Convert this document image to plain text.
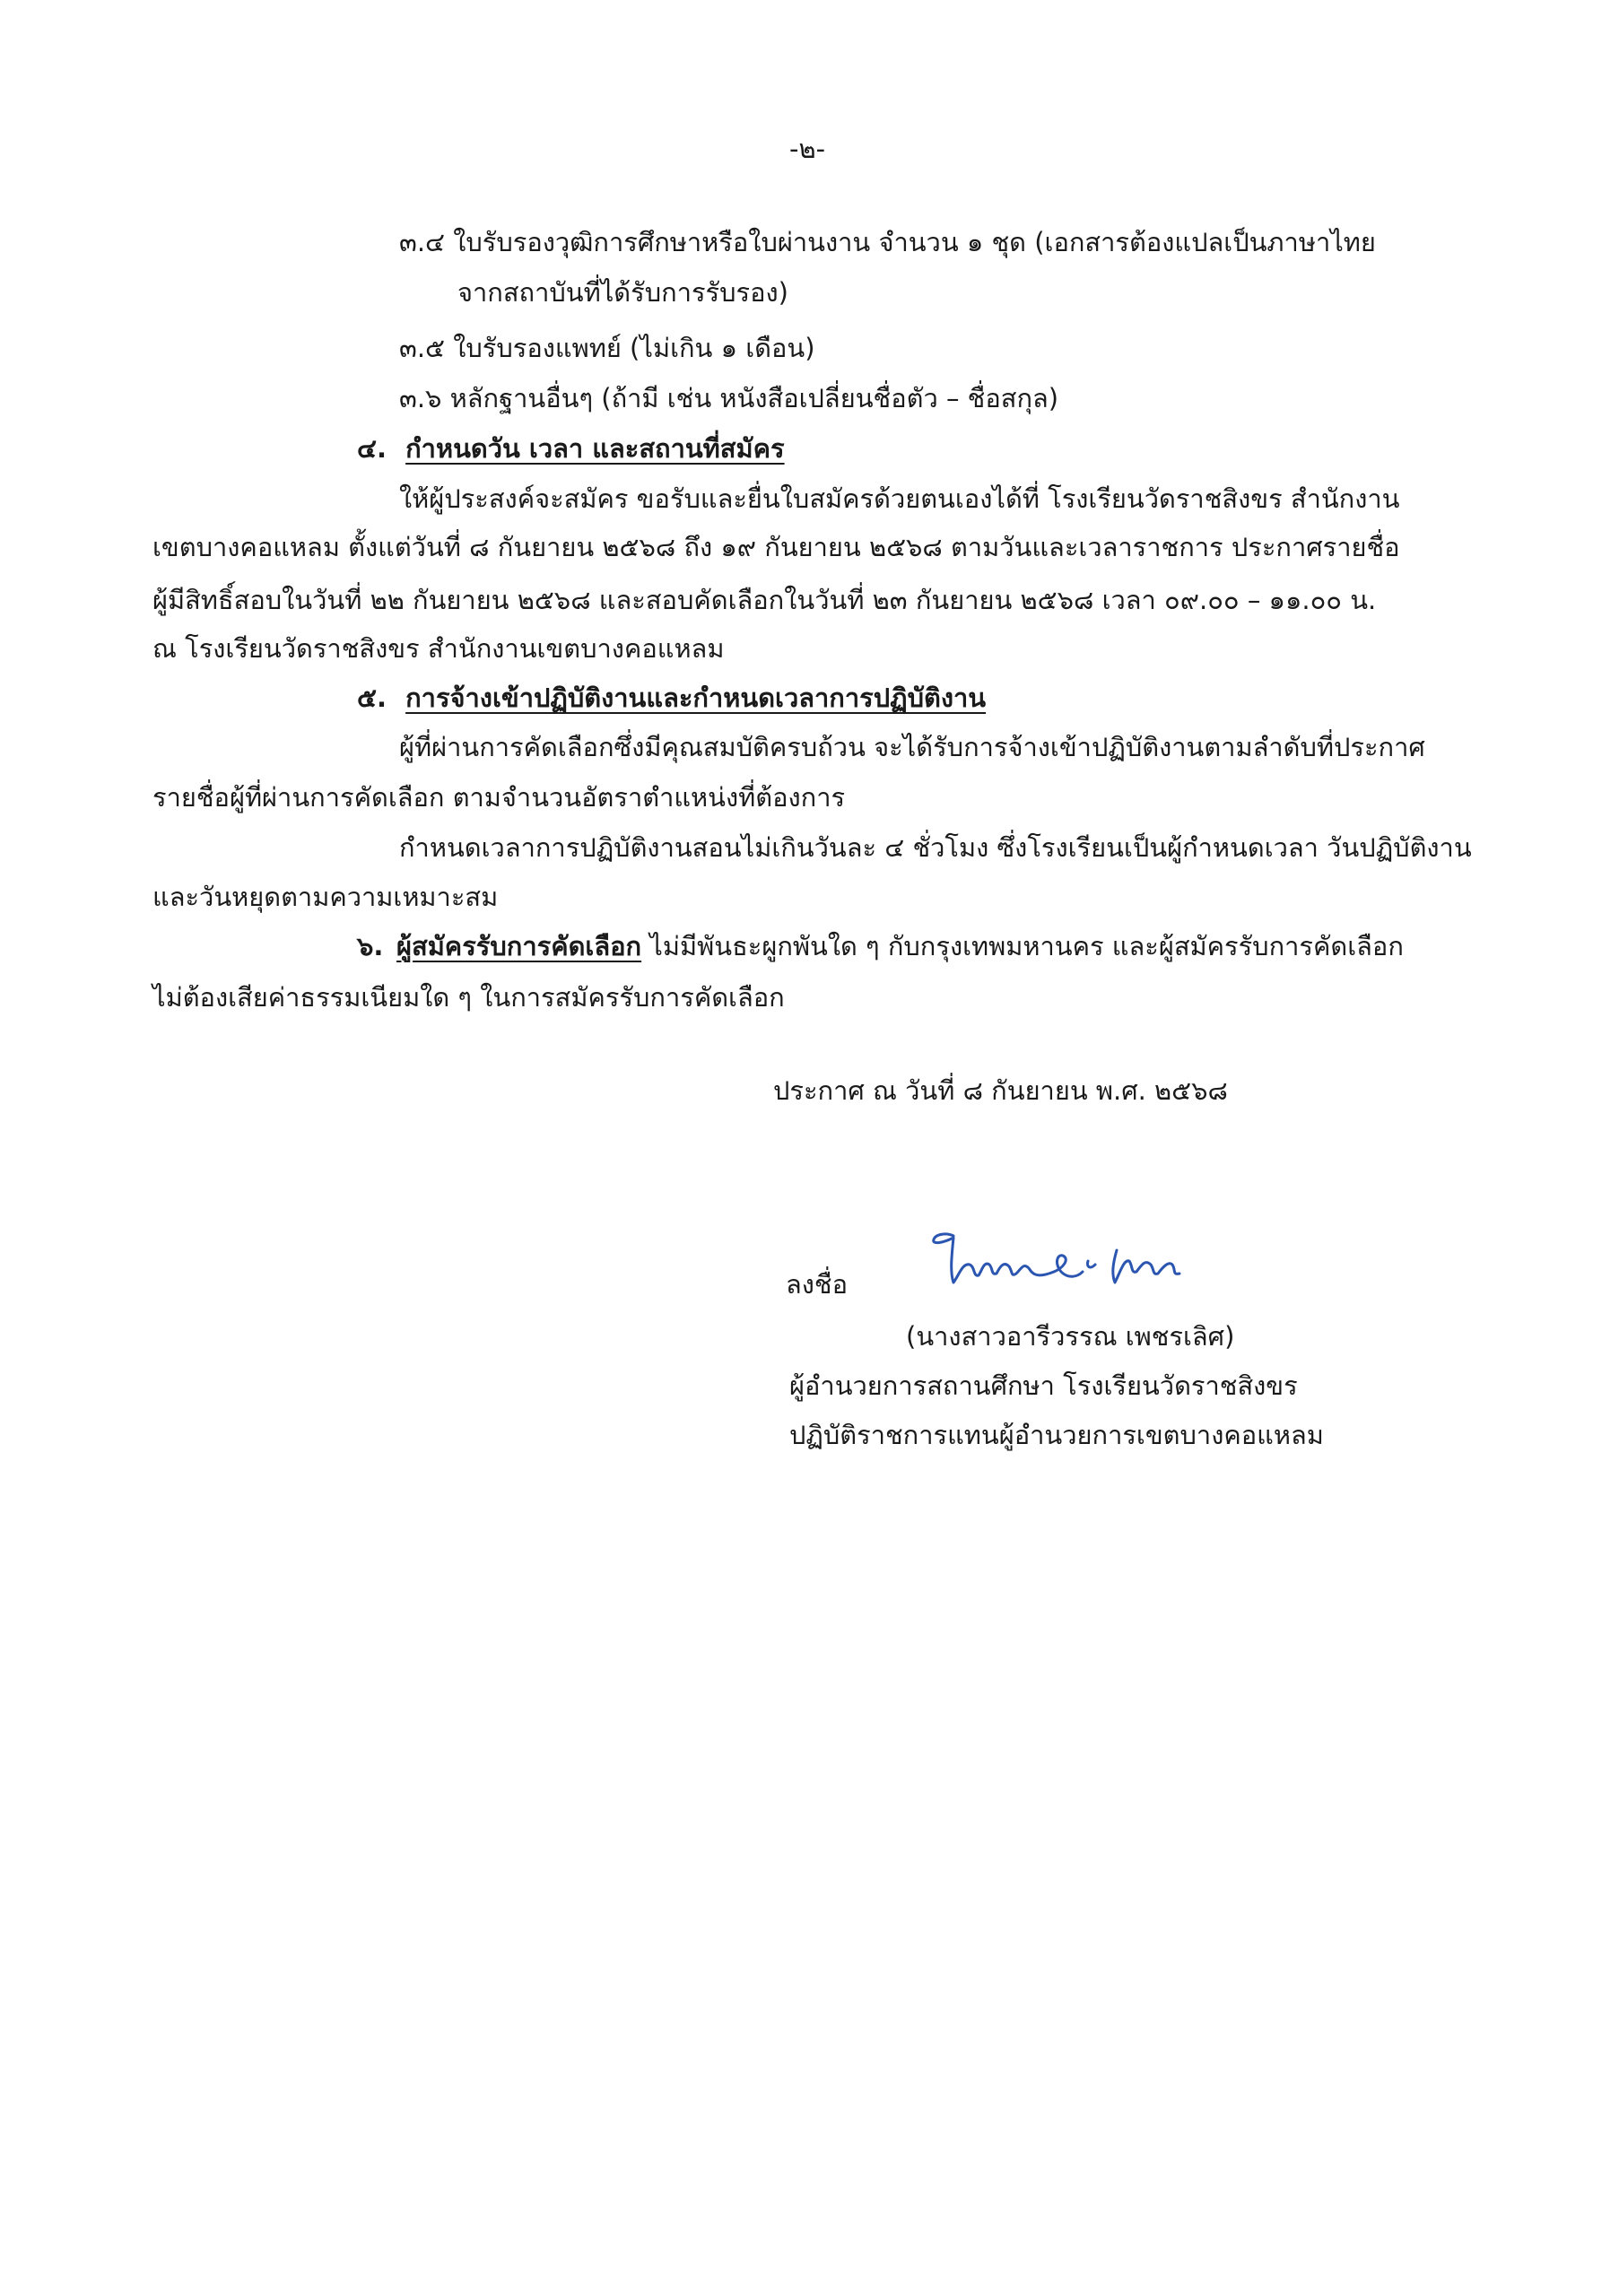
-๒-
๓.๔ ใบรับรองวุฒิการศึกษาหรือใบผ่านงาน จำนวน ๑ ชุด (เอกสารต้องแปลเป็นภาษาไทย
จากสถาบันที่ได้รับการรับรอง)
๓.๕ ใบรับรองแพทย์ (ไม่เกิน ๑ เดือน)
๓.๖ หลักฐานอื่นๆ (ถ้ามี เช่น หนังสือเปลี่ยนชื่อตัว – ชื่อสกุล)
๔. กำหนดวัน เวลา และสถานที่สมัคร
ให้ผู้ประสงค์จะสมัคร ขอรับและยื่นใบสมัครด้วยตนเองได้ที่ โรงเรียนวัดราชสิงขร สำนักงาน
เขตบางคอแหลม ตั้งแต่วันที่ ๘ กันยายน ๒๕๖๘ ถึง ๑๙ กันยายน ๒๕๖๘ ตามวันและเวลาราชการ ประกาศรายชื่อ
ผู้มีสิทธิ์สอบในวันที่ ๒๒ กันยายน ๒๕๖๘ และสอบคัดเลือกในวันที่ ๒๓ กันยายน ๒๕๖๘ เวลา ๐๙.๐๐ – ๑๑.๐๐ น.
ณ โรงเรียนวัดราชสิงขร สำนักงานเขตบางคอแหลม
๕. การจ้างเข้าปฏิบัติงานและกำหนดเวลาการปฏิบัติงาน
ผู้ที่ผ่านการคัดเลือกซึ่งมีคุณสมบัติครบถ้วน จะได้รับการจ้างเข้าปฏิบัติงานตามลำดับที่ประกาศ
รายชื่อผู้ที่ผ่านการคัดเลือก ตามจำนวนอัตราตำแหน่งที่ต้องการ
กำหนดเวลาการปฏิบัติงานสอนไม่เกินวันละ ๔ ชั่วโมง ซึ่งโรงเรียนเป็นผู้กำหนดเวลา วันปฏิบัติงาน
และวันหยุดตามความเหมาะสม
๖. ผู้สมัครรับการคัดเลือก ไม่มีพันธะผูกพันใด ๆ กับกรุงเทพมหานคร และผู้สมัครรับการคัดเลือก
ไม่ต้องเสียค่าธรรมเนียมใด ๆ ในการสมัครรับการคัดเลือก
ประกาศ ณ วันที่ ๘ กันยายน พ.ศ. ๒๕๖๘
ลงชื่อ
(นางสาวอารีวรรณ เพชรเลิศ)
ผู้อำนวยการสถานศึกษา โรงเรียนวัดราชสิงขร
ปฏิบัติราชการแทนผู้อำนวยการเขตบางคอแหลม
